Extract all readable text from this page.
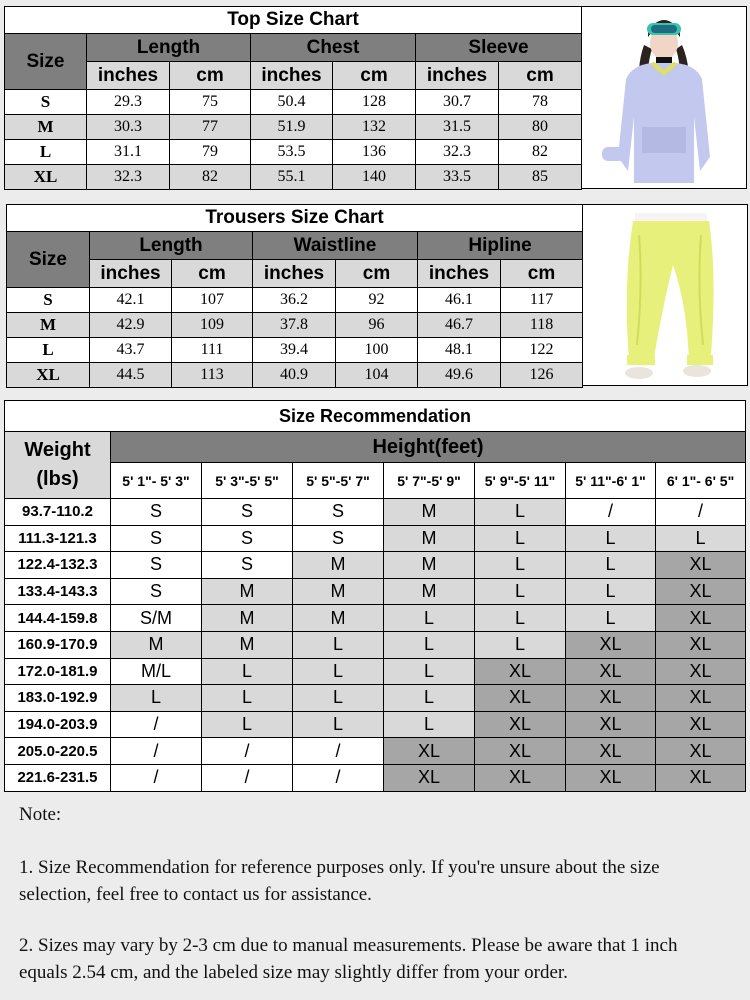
Top Size Chart						
Size	Length		Chest		Sleeve	
	inches	cm	inches	cm	inches	cm
S	29.3	75	50.4	128	30.7	78
M	30.3	77	51.9	132	31.5	80
L	31.1	79	53.5	136	32.3	82
XL	32.3	82	55.1	140	33.5	85
Trousers Size Chart						
Size	Length		Waistline		Hipline	
	inches	cm	inches	cm	inches	cm
S	42.1	107	36.2	92	46.1	117
M	42.9	109	37.8	96	46.7	118
L	43.7	111	39.4	100	48.1	122
XL	44.5	113	40.9	104	49.6	126
Size Recommendation							
Weight (lbs)	Height(feet)						
	5' 1"- 5' 3"	5' 3"-5' 5"	5' 5"-5' 7"	5' 7"-5' 9"	5' 9"-5' 11"	5' 11"-6' 1"	6' 1"- 6' 5"
93.7-110.2	S	S	S	M	L	/	/
111.3-121.3	S	S	S	M	L	L	L
122.4-132.3	S	S	M	M	L	L	XL
133.4-143.3	S	M	M	M	L	L	XL
144.4-159.8	S/M	M	M	L	L	L	XL
160.9-170.9	M	M	L	L	L	XL	XL
172.0-181.9	M/L	L	L	L	XL	XL	XL
183.0-192.9	L	L	L	L	XL	XL	XL
194.0-203.9	/	L	L	L	XL	XL	XL
205.0-220.5	/	/	/	XL	XL	XL	XL
221.6-231.5	/	/	/	XL	XL	XL	XL
Note:
1. Size Recommendation for reference purposes only. If you're unsure about the size selection, feel free to contact us for assistance.
2. Sizes may vary by 2-3 cm due to manual measurements. Please be aware that 1 inch equals 2.54 cm, and the labeled size may slightly differ from your order.
